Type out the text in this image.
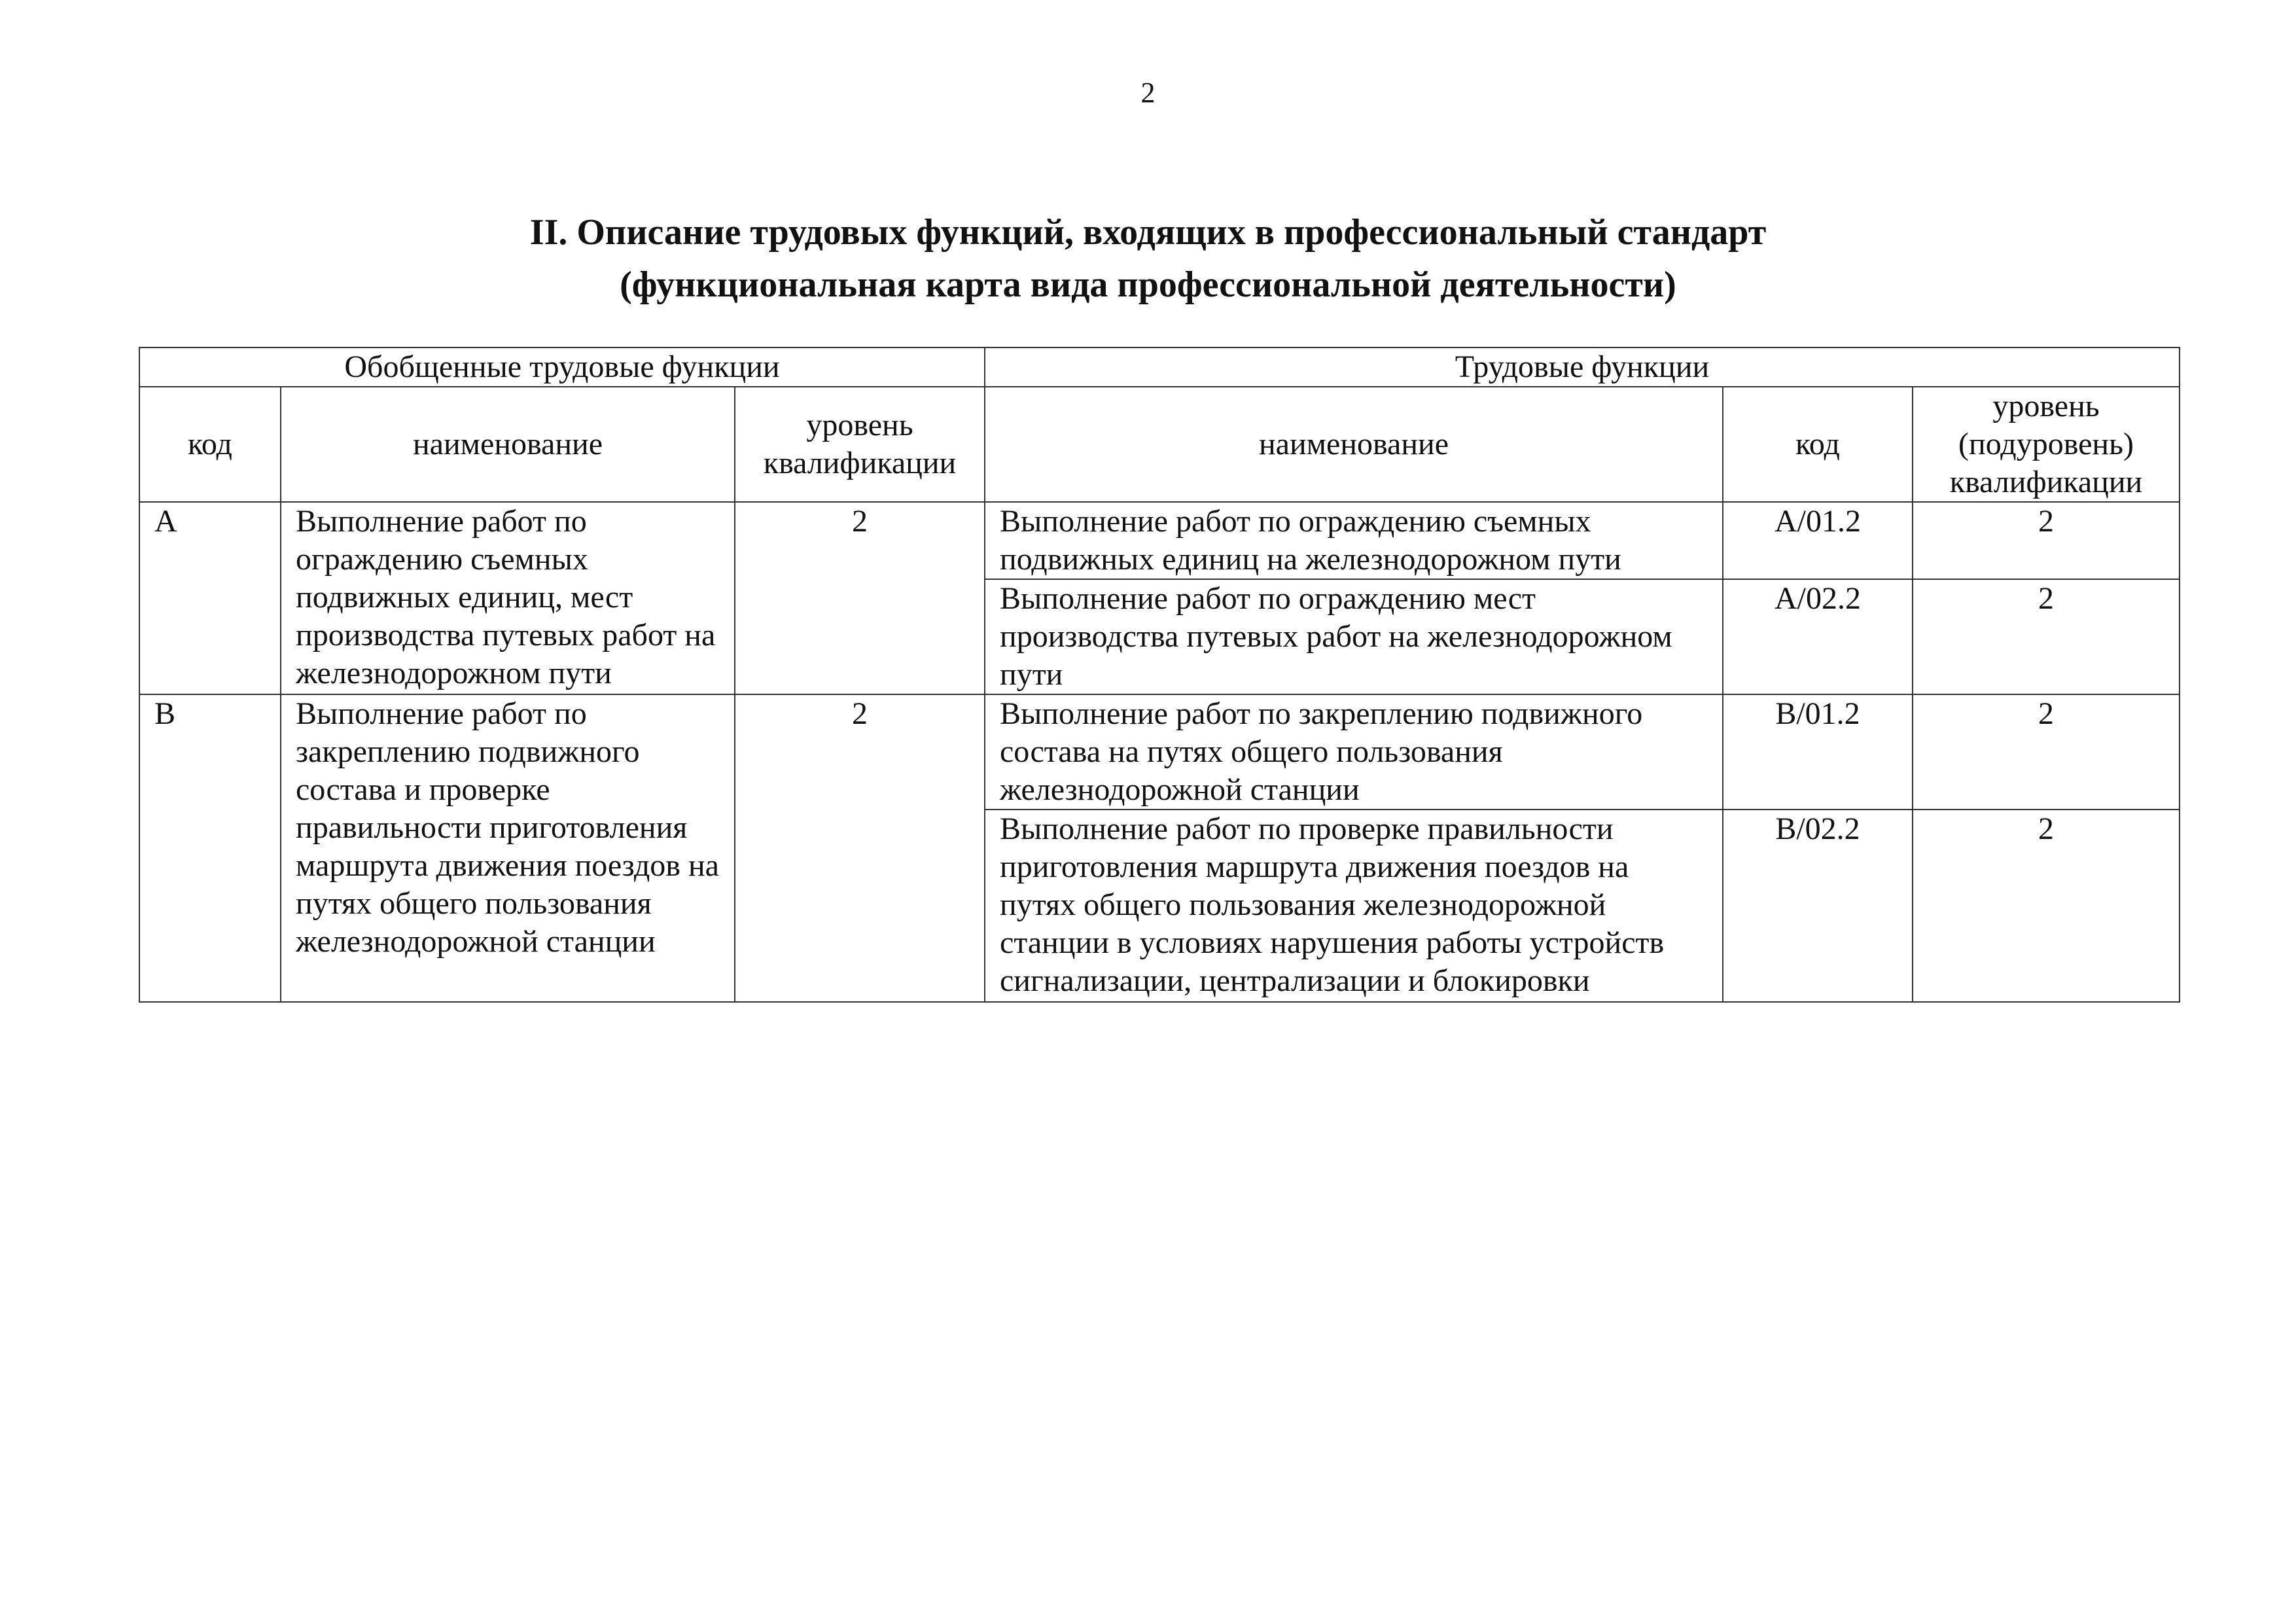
2
II. Описание трудовых функций, входящих в профессиональный стандарт
(функциональная карта вида профессиональной деятельности)
Обобщенные трудовые функции			Трудовые функции		
код	наименование	уровень квалификации	наименование	код	уровень (подуровень) квалификации
А	Выполнение работ по ограждению съемных подвижных единиц, мест производства путевых работ на железнодорожном пути	2	Выполнение работ по ограждению съемных подвижных единиц на железнодорожном пути	А/01.2	2
			Выполнение работ по ограждению мест производства путевых работ на железнодорожном пути	А/02.2	2
В	Выполнение работ по закреплению подвижного состава и проверке правильности приготовления маршрута движения поездов на путях общего пользования железнодорожной станции	2	Выполнение работ по закреплению подвижного состава на путях общего пользования железнодорожной станции	В/01.2	2
			Выполнение работ по проверке правильности приготовления маршрута движения поездов на путях общего пользования железнодорожной станции в условиях нарушения работы устройств сигнализации, централизации и блокировки	В/02.2	2
